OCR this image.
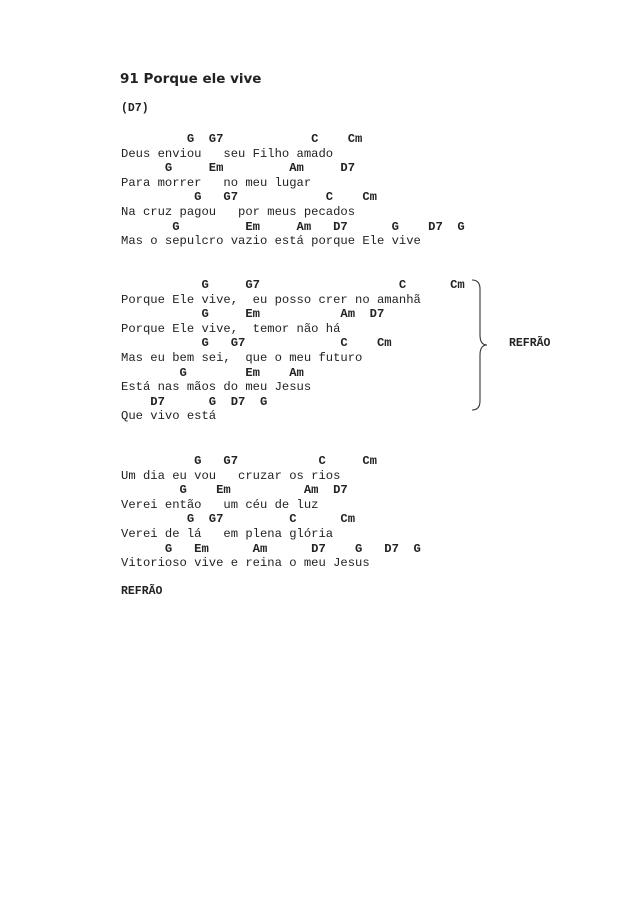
91 Porque ele vive
(D7)
G  G7            C    Cm
Deus enviou   seu Filho amado
G     Em         Am     D7
Para morrer   no meu lugar
G   G7            C    Cm
Na cruz pagou   por meus pecados
G         Em     Am   D7      G    D7  G
Mas o sepulcro vazio está porque Ele vive
G     G7                   C      Cm
Porque Ele vive,  eu posso crer no amanhã
G     Em           Am  D7
Porque Ele vive,  temor não há
G   G7             C    Cm
Mas eu bem sei,  que o meu futuro
G        Em    Am
Está nas mãos do meu Jesus
D7      G  D7  G
Que vivo está
G   G7           C     Cm
Um dia eu vou   cruzar os rios
G    Em          Am  D7
Verei então   um céu de luz
G  G7         C      Cm
Verei de lá   em plena glória
G   Em      Am      D7    G   D7  G
Vitorioso vive e reina o meu Jesus
REFRÃO
REFRÃO
